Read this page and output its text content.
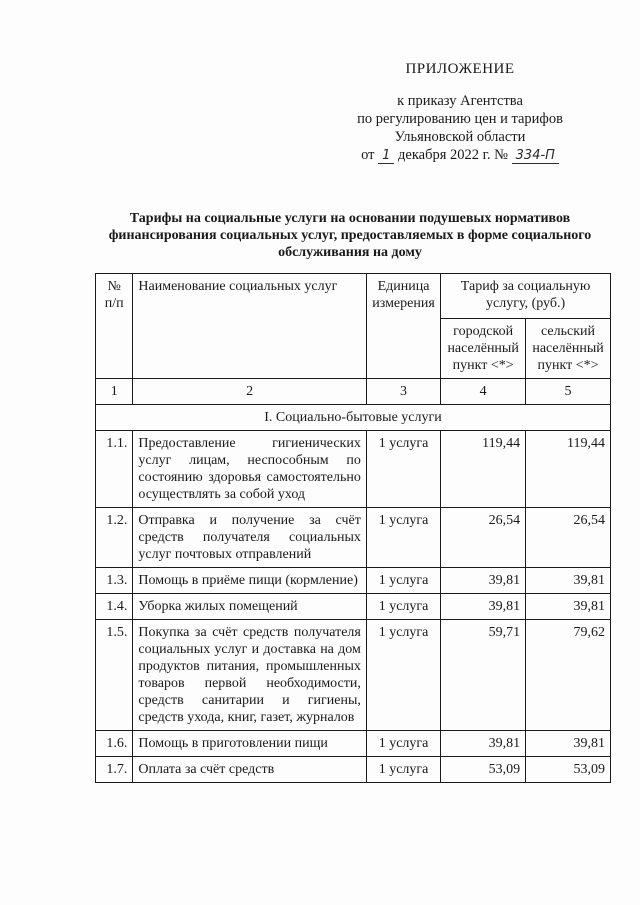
ПРИЛОЖЕНИЕ
к приказу Агентства
по регулированию цен и тарифов
Ульяновской области
от 1 декабря 2022 г. № 334-П
Тарифы на социальные услуги на основании подушевых нормативов финансирования социальных услуг, предоставляемых в форме социального обслуживания на дому
№ п/п	Наименование социальных услуг	Единица измерения	Тариф за социальную услугу, (руб.)	
			городской населённый пункт <*>	сельский населённый пункт <*>
1	2	3	4	5
I. Социально-бытовые услуги				
1.1.	Предоставление гигиенических услуг лицам, неспособным по состоянию здоровья самостоятельно осуществлять за собой уход	1 услуга	119,44	119,44
1.2.	Отправка и получение за счёт средств получателя социальных услуг почтовых отправлений	1 услуга	26,54	26,54
1.3.	Помощь в приёме пищи (кормление)	1 услуга	39,81	39,81
1.4.	Уборка жилых помещений	1 услуга	39,81	39,81
1.5.	Покупка за счёт средств получателя социальных услуг и доставка на дом продуктов питания, промышленных товаров первой необходимости, средств санитарии и гигиены, средств ухода, книг, газет, журналов	1 услуга	59,71	79,62
1.6.	Помощь в приготовлении пищи	1 услуга	39,81	39,81
1.7.	Оплата за счёт средств	1 услуга	53,09	53,09
